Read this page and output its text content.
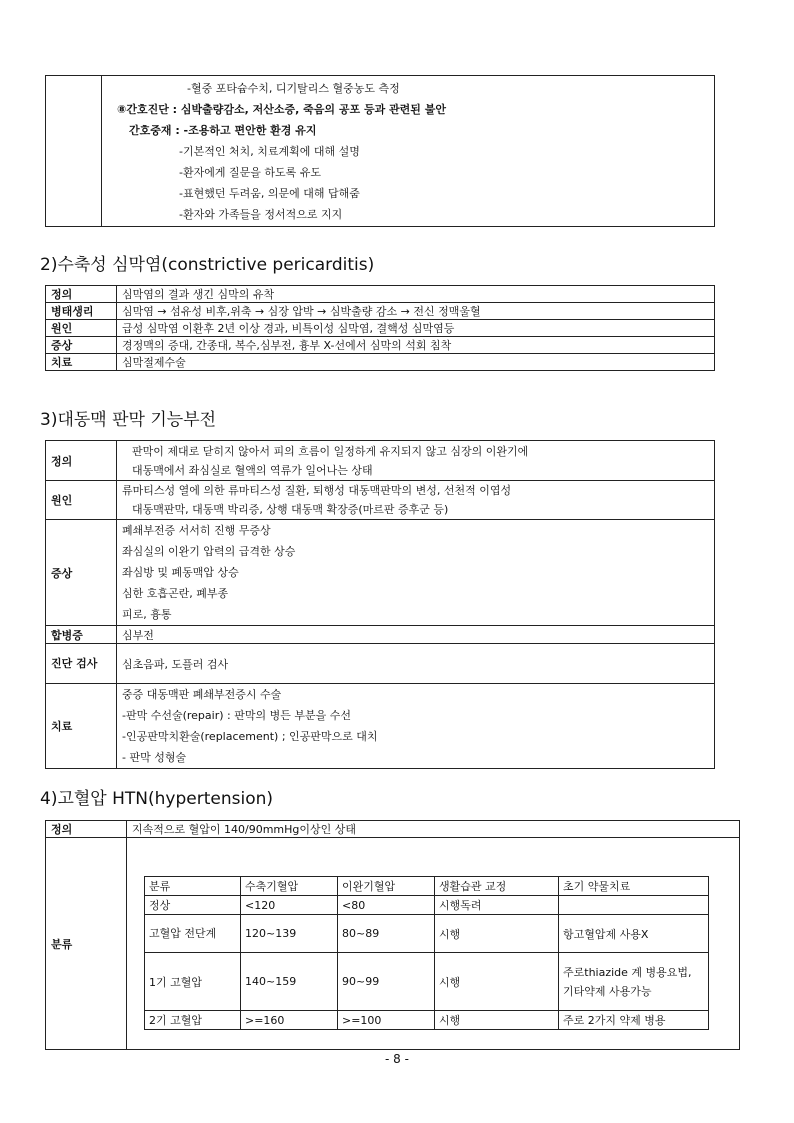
-혈중 포타슘수치, 디기탈리스 혈중농도 측정
⑧간호진단 : 심박출량감소, 저산소증, 죽음의 공포 등과 관련된 불안
간호중재 : -조용하고 편안한 환경 유지
-기본적인 처치, 치료계획에 대해 설명
-환자에게 질문을 하도록 유도
-표현했던 두려움, 의문에 대해 답해줌
-환자와 가족들을 정서적으로 지지
2)수축성 심막염(constrictive pericarditis)
정의	심막염의 결과 생긴 심막의 유착
병태생리	심막염 → 섬유성 비후,위축 → 심장 압박 → 심박출량 감소 → 전신 정맥울혈
원인	급성 심막염 이환후 2년 이상 경과, 비특이성 심막염, 결핵성 심막염등
증상	경정맥의 증대, 간종대, 복수,심부전, 흉부 X-선에서 심막의 석회 침착
치료	심막절제수술
3)대동맥 판막 기능부전
정의	판막이 제대로 닫히지 않아서 피의 흐름이 일정하게 유지되지 않고 심장의 이완기에
대동맥에서 좌심실로 혈액의 역류가 일어나는 상태

원인	류마티스성 열에 의한 류마티스성 질환, 퇴행성 대동맥판막의 변성, 선천적 이엽성
대동맥판막, 대동맥 박리증, 상행 대동맥 확장증(마르판 증후군 등)

증상	폐쇄부전증 서서히 진행 무증상
좌심실의 이완기 압력의 급격한 상승
좌심방 및 폐동맥압 상승
심한 호흡곤란, 폐부종
피로, 흉통

합병증	심부전
진단 검사	심초음파, 도플러 검사
치료	중증 대동맥판 폐쇄부전증시 수술
-판막 수선술(repair) : 판막의 병든 부분을 수선
-인공판막치환술(replacement) ; 인공판막으로 대치
- 판막 성형술
4)고혈압 HTN(hypertension)
정의	지속적으로 혈압이 140/90mmHg이상인 상태
분류	
분류	수축기혈압	이완기혈압	생활습관 교정	초기 약물치료
정상	<120	<80	시행독려	
고혈압 전단계	120~139	80~89	시행	항고혈압제 사용X
1기 고혈압	140~159	90~99	시행	주로thiazide 계 병용요법, 기타약제 사용가능
2기 고혈압	>=160	>=100	시행	주로 2가지 약제 병용
- 8 -
